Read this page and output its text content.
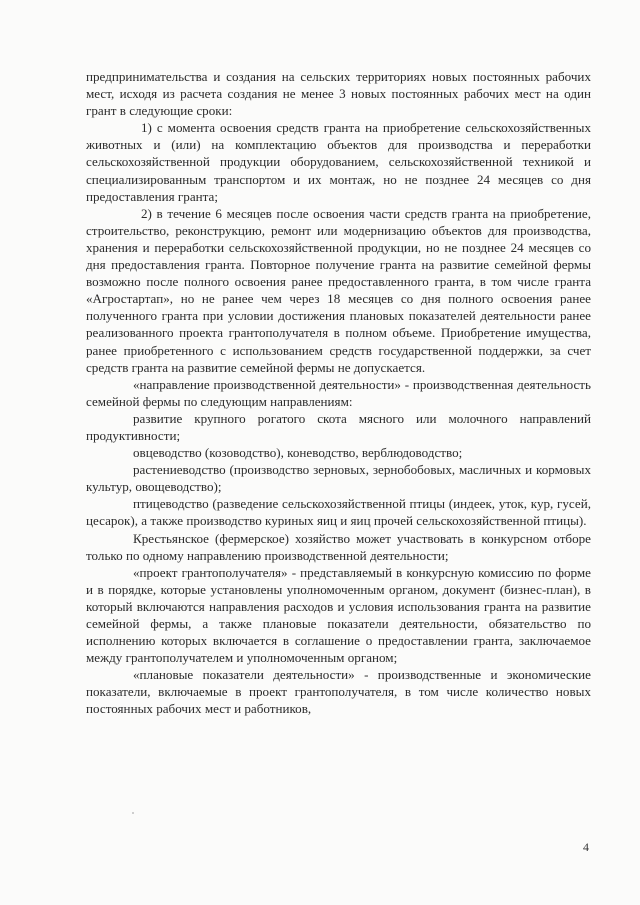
предпринимательства и создания на сельских территориях новых постоянных рабочих мест, исходя из расчета создания не менее 3 новых постоянных рабочих мест на один грант в следующие сроки:

1) с момента освоения средств гранта на приобретение сельскохозяйственных животных и (или) на комплектацию объектов для производства и переработки сельскохозяйственной продукции оборудованием, сельскохозяйственной техникой и специализированным транспортом и их монтаж, но не позднее 24 месяцев со дня предоставления гранта;

2) в течение 6 месяцев после освоения части средств гранта на приобретение, строительство, реконструкцию, ремонт или модернизацию объектов для производства, хранения и переработки сельскохозяйственной продукции, но не позднее 24 месяцев со дня предоставления гранта. Повторное получение гранта на развитие семейной фермы возможно после полного освоения ранее предоставленного гранта, в том числе гранта «Агростартап», но не ранее чем через 18 месяцев со дня полного освоения ранее полученного гранта при условии достижения плановых показателей деятельности ранее реализованного проекта грантополучателя в полном объеме. Приобретение имущества, ранее приобретенного с использованием средств государственной поддержки, за счет средств гранта на развитие семейной фермы не допускается.

«направление производственной деятельности» - производственная деятельность семейной фермы по следующим направлениям:

развитие крупного рогатого скота мясного или молочного направлений продуктивности;

овцеводство (козоводство), коневодство, верблюдоводство;

растениеводство (производство зерновых, зернобобовых, масличных и кормовых культур, овощеводство);

птицеводство (разведение сельскохозяйственной птицы (индеек, уток, кур, гусей, цесарок), а также производство куриных яиц и яиц прочей сельскохозяйственной птицы).

Крестьянское (фермерское) хозяйство может участвовать в конкурсном отборе только по одному направлению производственной деятельности;

«проект грантополучателя» - представляемый в конкурсную комиссию по форме и в порядке, которые установлены уполномоченным органом, документ (бизнес-план), в который включаются направления расходов и условия использования гранта на развитие семейной фермы, а также плановые показатели деятельности, обязательство по исполнению которых включается в соглашение о предоставлении гранта, заключаемое между грантополучателем и уполномоченным органом;

«плановые показатели деятельности» - производственные и экономические показатели, включаемые в проект грантополучателя, в том числе количество новых постоянных рабочих мест и работников,

4
